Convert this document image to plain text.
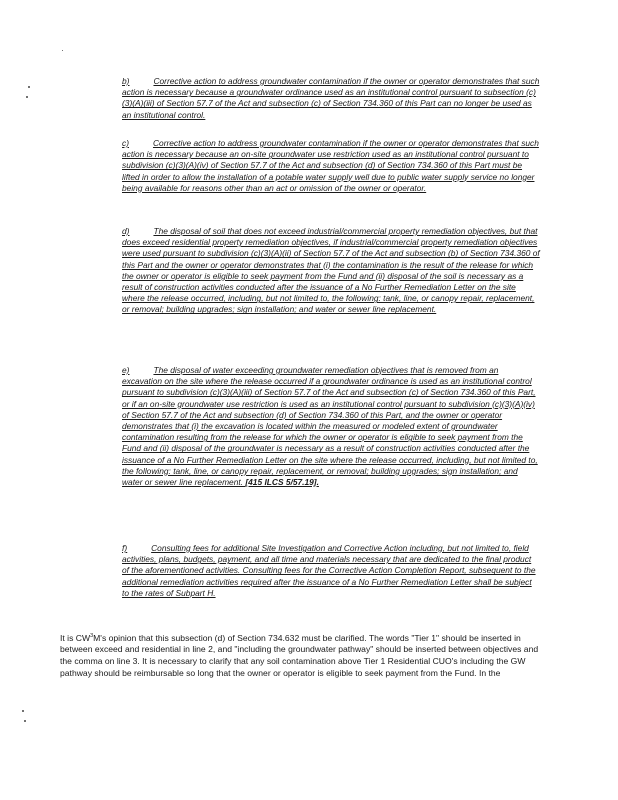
b)	Corrective action to address groundwater contamination if the owner or operator demonstrates that such action is necessary because a groundwater ordinance used as an institutional control pursuant to subsection (c)(3)(A)(iii) of Section 57.7 of the Act and subsection (c) of Section 734.360 of this Part can no longer be used as an institutional control.

c)	Corrective action to address groundwater contamination if the owner or operator demonstrates that such action is necessary because an on-site groundwater use restriction used as an institutional control pursuant to subdivision (c)(3)(A)(iv) of Section 57.7 of the Act and subsection (d) of Section 734.360 of this Part must be lifted in order to allow the installation of a potable water supply well due to public water supply service no longer being available for reasons other than an act or omission of the owner or operator.

d)	The disposal of soil that does not exceed industrial/commercial property remediation objectives, but that does exceed residential property remediation objectives, if industrial/commercial property remediation objectives were used pursuant to subdivision (c)(3)(A)(ii) of Section 57.7 of the Act and subsection (b) of Section 734.360 of this Part and the owner or operator demonstrates that (i) the contamination is the result of the release for which the owner or operator is eligible to seek payment from the Fund and (ii) disposal of the soil is necessary as a result of construction activities conducted after the issuance of a No Further Remediation Letter on the site where the release occurred, including, but not limited to, the following: tank, line, or canopy repair, replacement, or removal; building upgrades; sign installation; and water or sewer line replacement.

e)	The disposal of water exceeding groundwater remediation objectives that is removed from an excavation on the site where the release occurred if a groundwater ordinance is used as an institutional control pursuant to subdivision (c)(3)(A)(iii) of Section 57.7 of the Act and subsection (c) of Section 734.360 of this Part, or if an on-site groundwater use restriction is used as an institutional control pursuant to subdivision (c)(3)(A)(iv) of Section 57.7 of the Act and subsection (d) of Section 734.360 of this Part, and the owner or operator demonstrates that (i) the excavation is located within the measured or modeled extent of groundwater contamination resulting from the release for which the owner or operator is eligible to seek payment from the Fund and (ii) disposal of the groundwater is necessary as a result of construction activities conducted after the issuance of a No Further Remediation Letter on the site where the release occurred, including, but not limited to, the following: tank, line, or canopy repair, replacement, or removal; building upgrades; sign installation; and water or sewer line replacement. [415 ILCS 5/57.19].

f)	Consulting fees for additional Site Investigation and Corrective Action including, but not limited to, field activities, plans, budgets, payment, and all time and materials necessary that are dedicated to the final product of the aforementioned activities. Consulting fees for the Corrective Action Completion Report, subsequent to the additional remediation activities required after the issuance of a No Further Remediation Letter shall be subject to the rates of Subpart H.

It is $CW^3M's$ opinion that this subsection (d) of Section 734.632 must be clarified. The words "Tier 1" should be inserted in between exceed and residential in line 2, and "including the groundwater pathway" should be inserted between objectives and the comma on line 3. It is necessary to clarify that any soil contamination above Tier 1 Residential CUO's including the GW pathway should be reimbursable so long that the owner or operator is eligible to seek payment from the Fund. In the
